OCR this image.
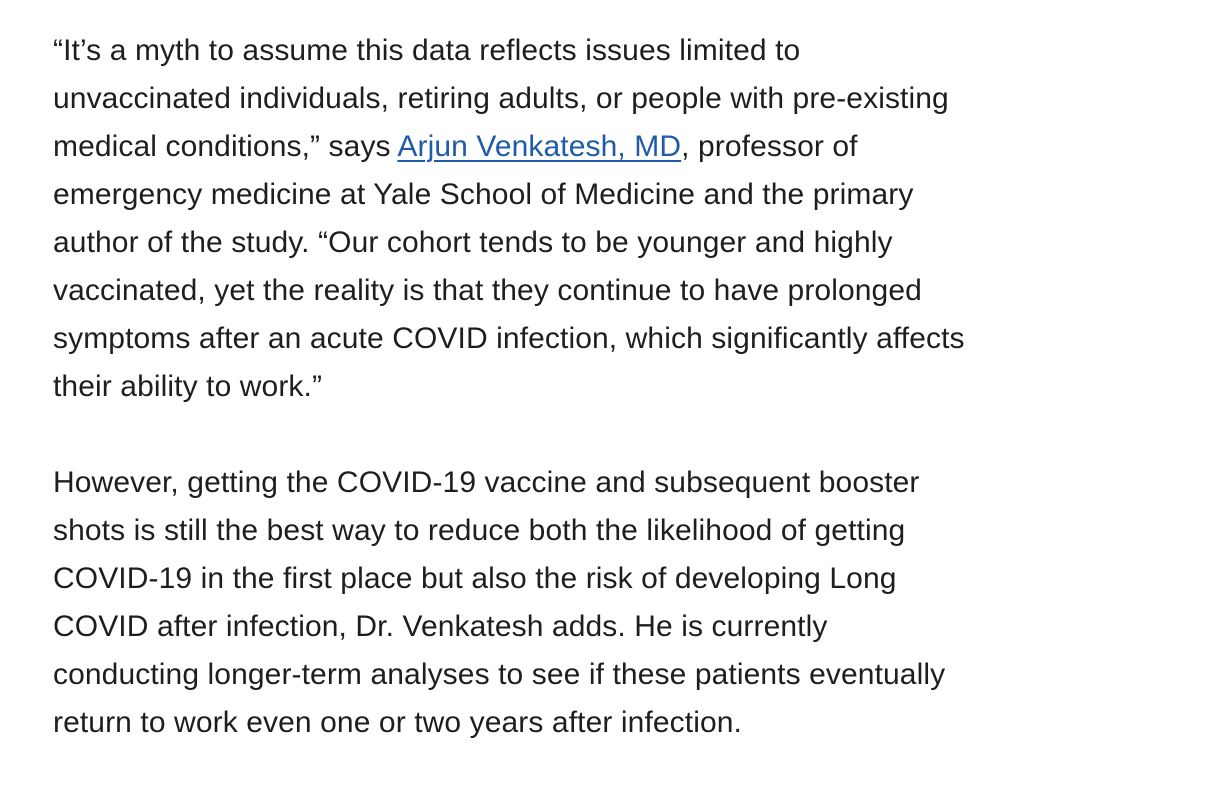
“It’s a myth to assume this data reflects issues limited to
unvaccinated individuals, retiring adults, or people with pre-existing
medical conditions,” says Arjun Venkatesh, MD, professor of
emergency medicine at Yale School of Medicine and the primary
author of the study. “Our cohort tends to be younger and highly
vaccinated, yet the reality is that they continue to have prolonged
symptoms after an acute COVID infection, which significantly affects
their ability to work.”

However, getting the COVID-19 vaccine and subsequent booster
shots is still the best way to reduce both the likelihood of getting
COVID-19 in the first place but also the risk of developing Long
COVID after infection, Dr. Venkatesh adds. He is currently
conducting longer-term analyses to see if these patients eventually
return to work even one or two years after infection.
